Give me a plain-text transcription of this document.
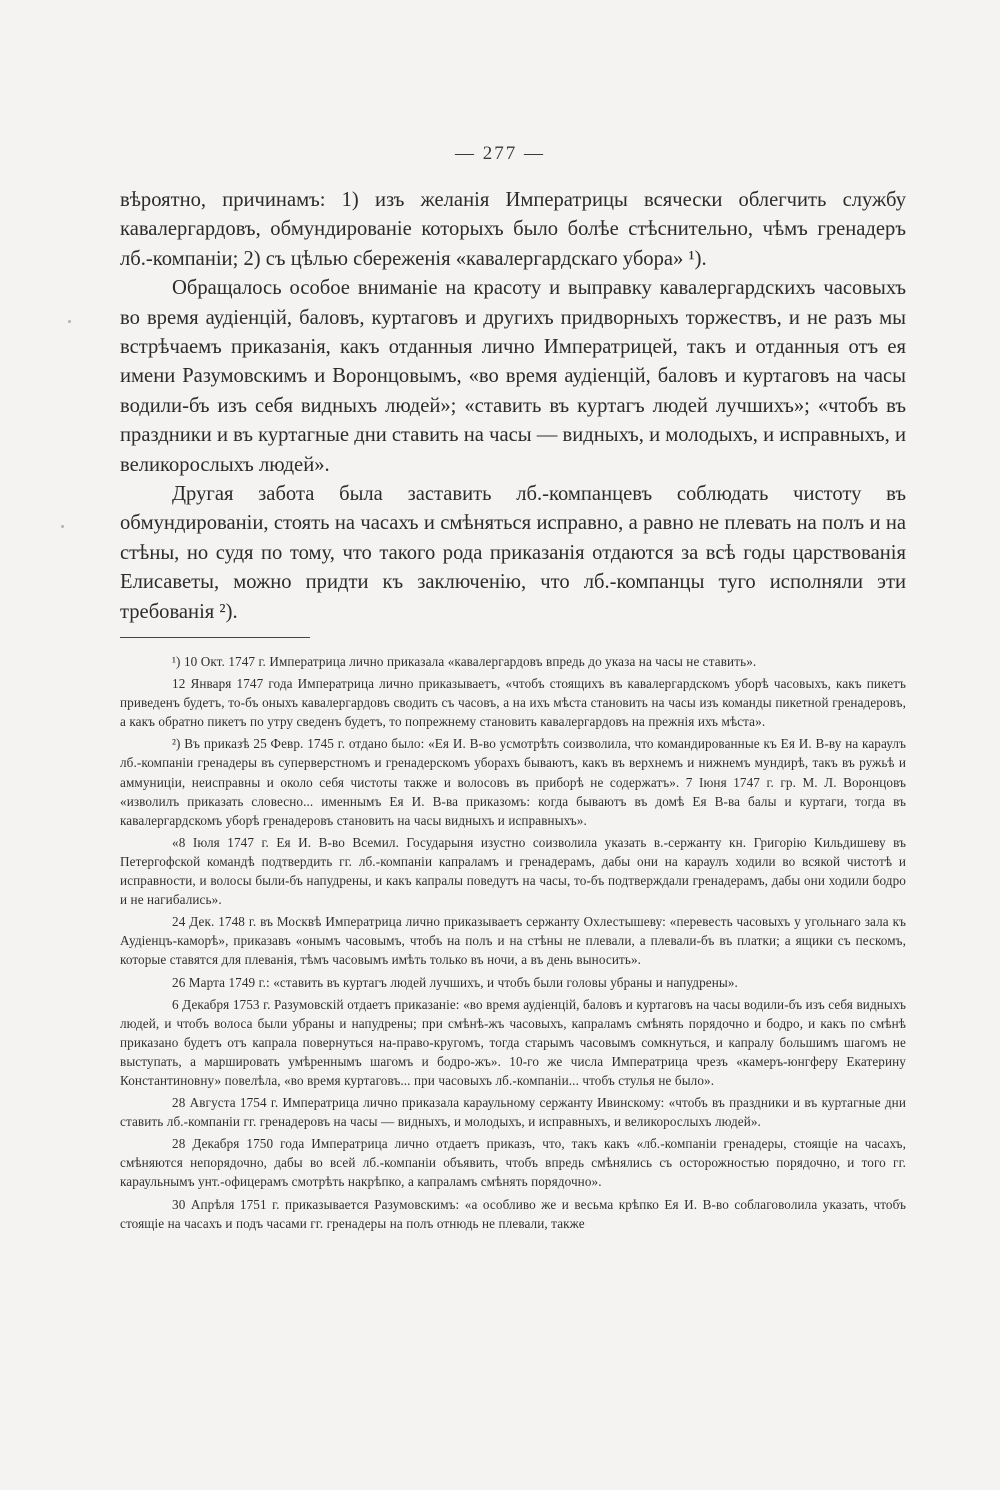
— 277 —

вѣроятно, причинамъ: 1) изъ желанія Императрицы всячески облегчить службу кавалергардовъ, обмундированіе которыхъ было болѣе стѣснительно, чѣмъ гренадеръ лб.-компаніи; 2) съ цѣлью сбереженія «кавалергардскаго убора» ¹).

Обращалось особое вниманіе на красоту и выправку кавалергардскихъ часовыхъ во время аудіенцій, баловъ, куртаговъ и другихъ придворныхъ торжествъ, и не разъ мы встрѣчаемъ приказанія, какъ отданныя лично Императрицей, такъ и отданныя отъ ея имени Разумовскимъ и Воронцовымъ, «во время аудіенцій, баловъ и куртаговъ на часы водили-бъ изъ себя видныхъ людей»; «ставить въ куртагъ людей лучшихъ»; «чтобъ въ праздники и въ куртагные дни ставить на часы — видныхъ, и молодыхъ, и исправныхъ, и великорослыхъ людей».

Другая забота была заставить лб.-компанцевъ соблюдать чистоту въ обмундированіи, стоять на часахъ и смѣняться исправно, а равно не плевать на полъ и на стѣны, но судя по тому, что такого рода приказанія отдаются за всѣ годы царствованія Елисаветы, можно придти къ заключенію, что лб.-компанцы туго исполняли эти требованія ²).

¹) 10 Окт. 1747 г. Императрица лично приказала «кавалергардовъ впредь до указа на часы не ставить».

12 Января 1747 года Императрица лично приказываетъ, «чтобъ стоящихъ въ кавалергардскомъ уборѣ часовыхъ, какъ пикетъ приведенъ будетъ, то-бъ оныхъ кавалергардовъ сводить съ часовъ, а на ихъ мѣста становить на часы изъ команды пикетной гренадеровъ, а какъ обратно пикетъ по утру сведенъ будетъ, то попрежнему становить кавалергардовъ на прежнія ихъ мѣста».

²) Въ приказѣ 25 Февр. 1745 г. отдано было: «Ея И. В-во усмотрѣть соизволила, что командированные къ Ея И. В-ву на караулъ лб.-компаніи гренадеры въ суперверстномъ и гренадерскомъ уборахъ бываютъ, какъ въ верхнемъ и нижнемъ мундирѣ, такъ въ ружьѣ и аммуниціи, неисправны и около себя чистоты также и волосовъ въ приборѣ не содержатъ». 7 Іюня 1747 г. гр. М. Л. Воронцовъ «изволилъ приказать словесно... именнымъ Ея И. В-ва приказомъ: когда бываютъ въ домѣ Ея В-ва балы и куртаги, тогда въ кавалергардскомъ уборѣ гренадеровъ становить на часы видныхъ и исправныхъ».

«8 Іюля 1747 г. Ея И. В-во Всемил. Государыня изустно соизволила указать в.-сержанту кн. Григорію Кильдишеву въ Петергофской командѣ подтвердить гг. лб.-компаніи капраламъ и гренадерамъ, дабы они на караулъ ходили во всякой чистотѣ и исправности, и волосы были-бъ напудрены, и какъ капралы поведутъ на часы, то-бъ подтверждали гренадерамъ, дабы они ходили бодро и не нагибались».

24 Дек. 1748 г. въ Москвѣ Императрица лично приказываетъ сержанту Охлестышеву: «перевесть часовыхъ у угольнаго зала къ Аудіенцъ-каморѣ», приказавъ «онымъ часовымъ, чтобъ на полъ и на стѣны не плевали, а плевали-бъ въ платки; а ящики съ пескомъ, которые ставятся для плеванія, тѣмъ часовымъ имѣть только въ ночи, а въ день выносить».

26 Марта 1749 г.: «ставить въ куртагъ людей лучшихъ, и чтобъ были головы убраны и напудрены».

6 Декабря 1753 г. Разумовскій отдаетъ приказаніе: «во время аудіенцій, баловъ и куртаговъ на часы водили-бъ изъ себя видныхъ людей, и чтобъ волоса были убраны и напудрены; при смѣнѣ-жъ часовыхъ, капраламъ смѣнять порядочно и бодро, и какъ по смѣнѣ приказано будетъ отъ капрала повернуться на-право-кругомъ, тогда старымъ часовымъ сомкнуться, и капралу большимъ шагомъ не выступать, а маршировать умѣреннымъ шагомъ и бодро-жъ». 10-го же числа Императрица чрезъ «камеръ-юнгферу Екатерину Константиновну» повелѣла, «во время куртаговъ... при часовыхъ лб.-компаніи... чтобъ стулья не было».

28 Августа 1754 г. Императрица лично приказала караульному сержанту Ивинскому: «чтобъ въ праздники и въ куртагные дни ставить лб.-компаніи гг. гренадеровъ на часы — видныхъ, и молодыхъ, и исправныхъ, и великорослыхъ людей».

28 Декабря 1750 года Императрица лично отдаетъ приказъ, что, такъ какъ «лб.-компаніи гренадеры, стоящіе на часахъ, смѣняются непорядочно, дабы во всей лб.-компаніи объявить, чтобъ впредь смѣнялись съ осторожностью порядочно, и того гг. караульнымъ унт.-офицерамъ смотрѣть накрѣпко, а капраламъ смѣнять порядочно».

30 Апрѣля 1751 г. приказывается Разумовскимъ: «а особливо же и весьма крѣпко Ея И. В-во соблаговолила указать, чтобъ стоящіе на часахъ и подъ часами гг. гренадеры на полъ отнюдь не плевали, также
